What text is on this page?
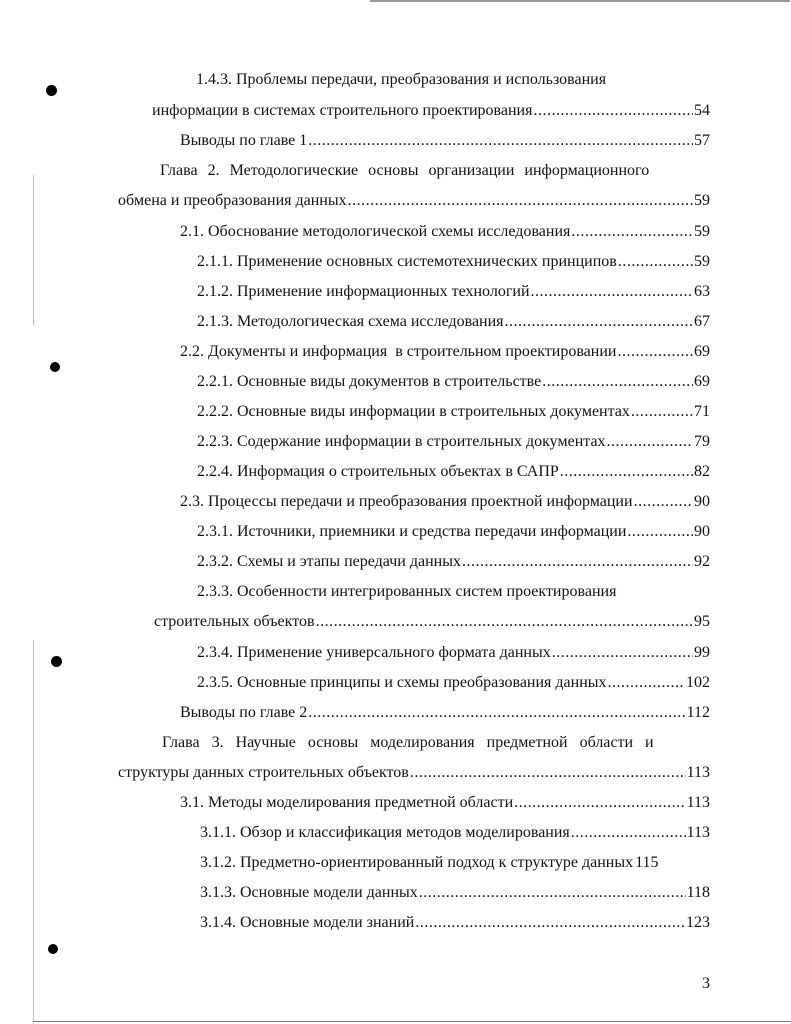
1.4.3. Проблемы передачи, преобразования и использования
информации в системах строительного проектирования .....	54
Выводы по главе 1 .....	57
Глава 2. Методологические основы организации информационного
обмена и преобразования данных .....	59
2.1. Обоснование методологической схемы исследования .....	59
2.1.1. Применение основных системотехнических принципов .....	59
2.1.2. Применение информационных технологий .....	63
2.1.3. Методологическая схема исследования .....	67
2.2. Документы и информация  в строительном проектировании .....	69
2.2.1. Основные виды документов в строительстве .....	69
2.2.2. Основные виды информации в строительных документах .....	71
2.2.3. Содержание информации в строительных документах .....	79
2.2.4. Информация о строительных объектах в САПР .....	82
2.3. Процессы передачи и преобразования проектной информации .....	90
2.3.1. Источники, приемники и средства передачи информации .....	90
2.3.2. Схемы и этапы передачи данных .....	92
2.3.3. Особенности интегрированных систем проектирования
строительных объектов .....	95
2.3.4. Применение универсального формата данных .....	99
2.3.5. Основные принципы и схемы преобразования данных .....	102
Выводы по главе 2 .....	112
Глава 3. Научные основы моделирования предметной области и
структуры данных строительных объектов .....	113
3.1. Методы моделирования предметной области .....	113
3.1.1. Обзор и классификация методов моделирования .....	113
3.1.2. Предметно-ориентированный подход к структуре данных 115
3.1.3. Основные модели данных .....	118
3.1.4. Основные модели знаний .....	123
3
